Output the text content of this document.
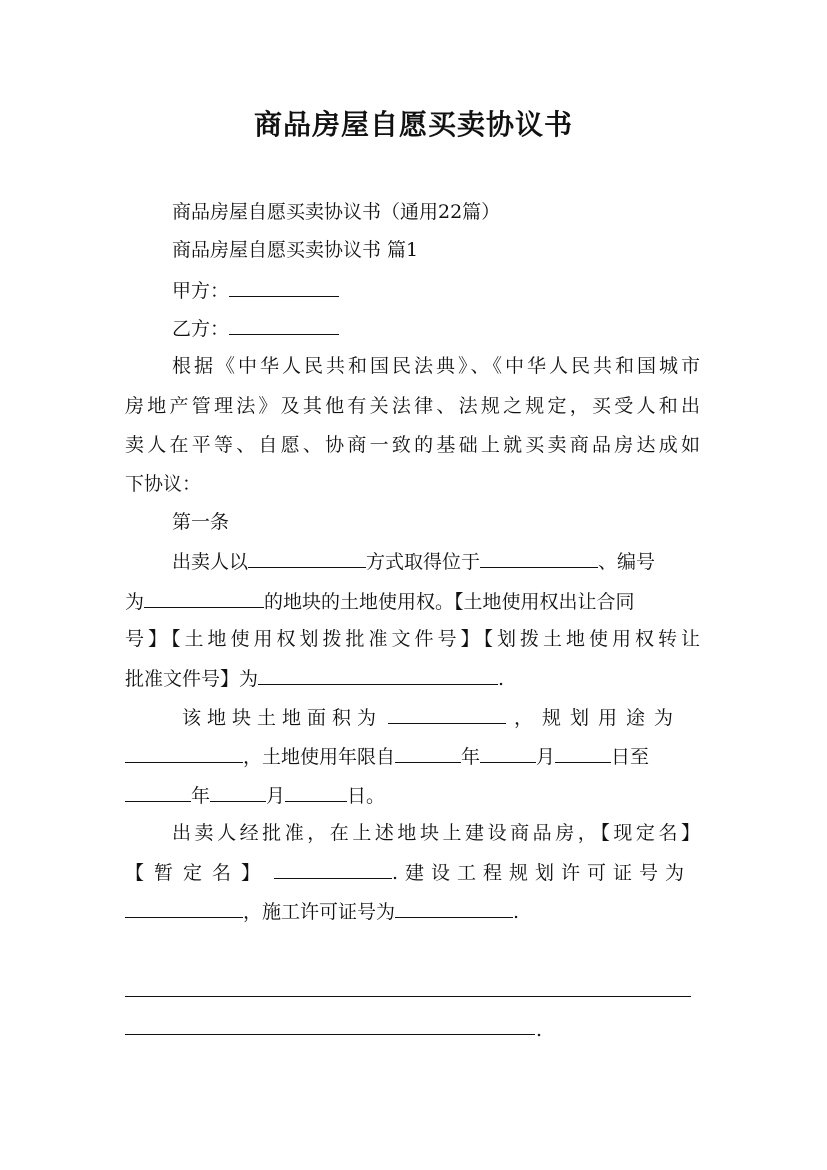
商品房屋自愿买卖协议书
商品房屋自愿买卖协议书（通用22篇）
商品房屋自愿买卖协议书 篇1
甲方：
乙方：
根据《中华人民共和国民法典》、《中华人民共和国城市
房地产管理法》及其他有关法律、法规之规定，买受人和出
卖人在平等、自愿、协商一致的基础上就买卖商品房达成如
下协议：
第一条
出卖人以	方式取得位于	、编号
为	的地块的土地使用权。【土地使用权出让合同
号】【土地使用权划拨批准文件号】【划拨土地使用权转让
批准文件号】为	.
该地块土地面积为	，规划用途为
，土地使用年限自	年	月	日至
年	月	日。
出卖人经批准，在上述地块上建设商品房，【现定名】
【暂定名】	.建设工程规划许可证号为
，施工许可证号为	.
.
